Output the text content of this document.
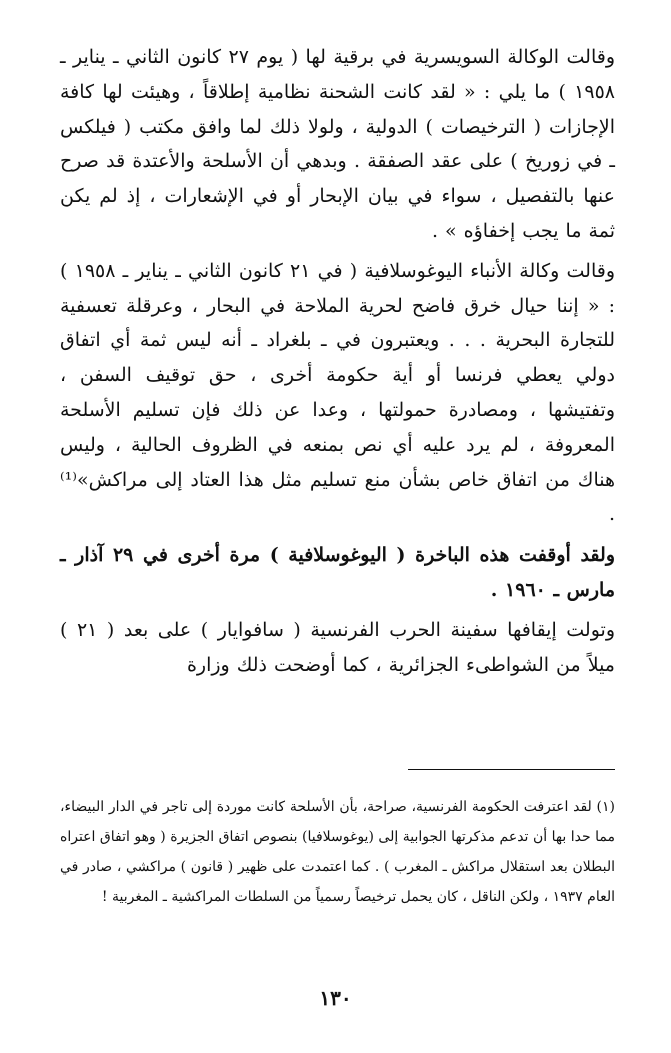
وقالت الوكالة السويسرية في برقية لها ( يوم ٢٧ كانون الثاني ـ يناير ـ ١٩٥٨ ) ما يلي : « لقد كانت الشحنة نظامية إطلاقاً ، وهيئت لها كافة الإجازات ( الترخيصات ) الدولية ، ولولا ذلك لما وافق مكتب ( فيلكس ـ في زوريخ ) على عقد الصفقة . وبدهي أن الأسلحة والأعتدة قد صرح عنها بالتفصيل ، سواء في بيان الإبحار أو في الإشعارات ، إذ لم يكن ثمة ما يجب إخفاؤه » .

وقالت وكالة الأنباء اليوغوسلافية ( في ٢١ كانون الثاني ـ يناير ـ ١٩٥٨ ) : « إننا حيال خرق فاضح لحرية الملاحة في البحار ، وعرقلة تعسفية للتجارة البحرية . . . ويعتبرون في ـ بلغراد ـ أنه ليس ثمة أي اتفاق دولي يعطي فرنسا أو أية حكومة أخرى ، حق توقيف السفن ، وتفتيشها ، ومصادرة حمولتها ، وعدا عن ذلك فإن تسليم الأسلحة المعروفة ، لم يرد عليه أي نص بمنعه في الظروف الحالية ، وليس هناك من اتفاق خاص بشأن منع تسليم مثل هذا العتاد إلى مراكش»⁽¹⁾ .

ولقد أوقفت هذه الباخرة ( اليوغوسلافية ) مرة أخرى في ٢٩ آذار ـ مارس ـ ١٩٦٠ .

وتولت إيقافها سفينة الحرب الفرنسية ( سافوايار ) على بعد ( ٢١ ) ميلاً من الشواطىء الجزائرية ، كما أوضحت ذلك وزارة

(١) لقد اعترفت الحكومة الفرنسية، صراحة، بأن الأسلحة كانت موردة إلى تاجر في الدار البيضاء، مما حدا بها أن تدعم مذكرتها الجوابية إلى (يوغوسلافيا) بنصوص اتفاق الجزيرة ( وهو اتفاق اعتراه البطلان بعد استقلال مراكش ـ المغرب ) . كما اعتمدت على ظهير ( قانون ) مراكشي ، صادر في العام ١٩٣٧ ، ولكن الناقل ، كان يحمل ترخيصاً رسمياً من السلطات المراكشية ـ المغربية !

١٣٠
